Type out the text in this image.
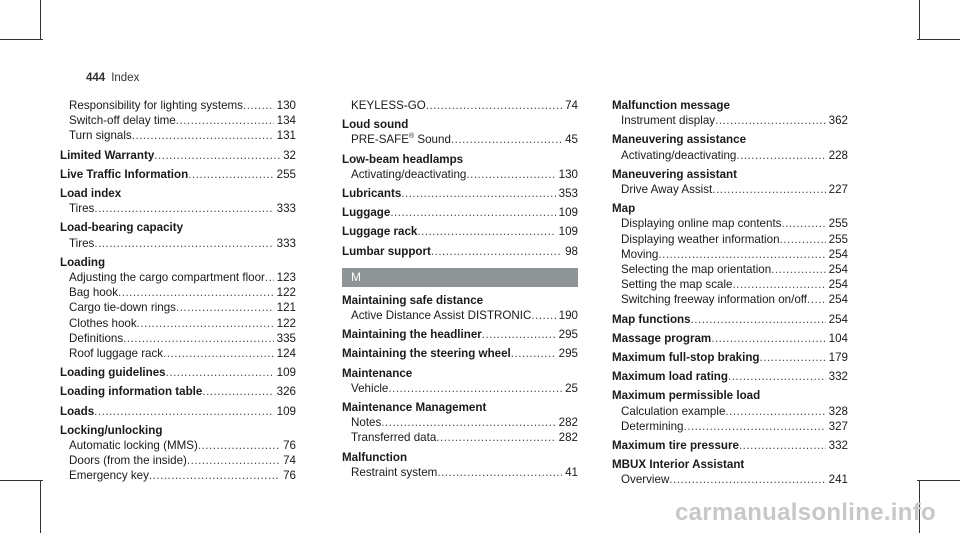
444 Index
Responsibility for lighting systems .....	130
Switch-off delay time .....	134
Turn signals .....	131
Limited Warranty .....	32
Live Traffic Information .....	255
Load index
Tires .....	333
Load-bearing capacity
Tires .....	333
Loading
Adjusting the cargo compartment floor ..... 123
Bag hook .....	122
Cargo tie-down rings .....	121
Clothes hook .....	122
Definitions .....	335
Roof luggage rack .....	124
Loading guidelines .....	109
Loading information table .....	326
Loads .....	109
Locking/unlocking
Automatic locking (MMS) .....	76
Doors (from the inside) .....	74
Emergency key .....	76
KEYLESS-GO .....	74
Loud sound
PRE-SAFE® Sound .....	45
Low-beam headlamps
Activating/deactivating .....	130
Lubricants .....	353
Luggage .....	109
Luggage rack .....	109
Lumbar support .....	98
M
Maintaining safe distance
Active Distance Assist DISTRONIC ..... 190
Maintaining the headliner .....	295
Maintaining the steering wheel .....	295
Maintenance
Vehicle .....	25
Maintenance Management
Notes .....	282
Transferred data .....	282
Malfunction
Restraint system .....	41
Malfunction message
Instrument display .....	362
Maneuvering assistance
Activating/deactivating .....	228
Maneuvering assistant
Drive Away Assist .....	227
Map
Displaying online map contents .....	255
Displaying weather information .....	255
Moving .....	254
Selecting the map orientation .....	254
Setting the map scale .....	254
Switching freeway information on/off ..... 254
Map functions .....	254
Massage program .....	104
Maximum full-stop braking .....	179
Maximum load rating .....	332
Maximum permissible load
Calculation example .....	328
Determining .....	327
Maximum tire pressure .....	332
MBUX Interior Assistant
Overview .....	241
carmanualsonline.info
